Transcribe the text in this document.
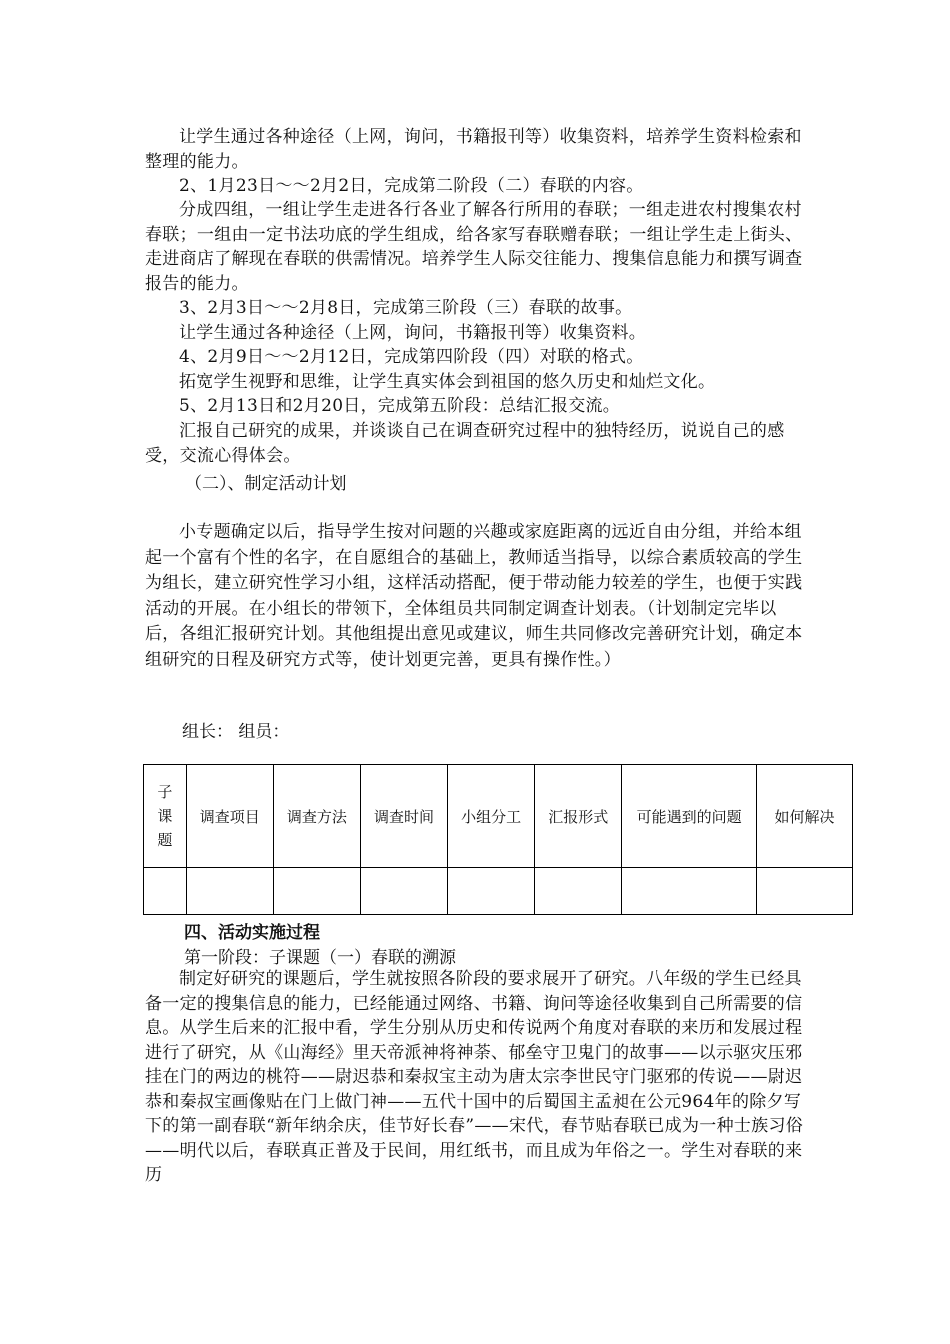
让学生通过各种途径（上网，询问，书籍报刊等）收集资料，培养学生资料检索和整理的能力。

2、1月23日～～2月2日，完成第二阶段（二）春联的内容。

分成四组，一组让学生走进各行各业了解各行所用的春联；一组走进农村搜集农村春联；一组由一定书法功底的学生组成，给各家写春联赠春联；一组让学生走上街头、走进商店了解现在春联的供需情况。培养学生人际交往能力、搜集信息能力和撰写调查报告的能力。

3、2月3日～～2月8日，完成第三阶段（三）春联的故事。

让学生通过各种途径（上网，询问，书籍报刊等）收集资料。

4、2月9日～～2月12日，完成第四阶段（四）对联的格式。

拓宽学生视野和思维，让学生真实体会到祖国的悠久历史和灿烂文化。

5、2月13日和2月20日，完成第五阶段：总结汇报交流。

汇报自己研究的成果，并谈谈自己在调查研究过程中的独特经历，说说自己的感受，交流心得体会。

（二）、制定活动计划

小专题确定以后，指导学生按对问题的兴趣或家庭距离的远近自由分组，并给本组起一个富有个性的名字，在自愿组合的基础上，教师适当指导，以综合素质较高的学生为组长，建立研究性学习小组，这样活动搭配，便于带动能力较差的学生，也便于实践活动的开展。在小组长的带领下，全体组员共同制定调查计划表。（计划制定完毕以后，各组汇报研究计划。其他组提出意见或建议，师生共同修改完善研究计划，确定本组研究的日程及研究方式等，使计划更完善，更具有操作性。）

组长： 组员：

子课题	调查项目	调查方法	调查时间	小组分工	汇报形式	可能遇到的问题	如何解决

四、活动实施过程

第一阶段：子课题（一）春联的溯源

制定好研究的课题后，学生就按照各阶段的要求展开了研究。八年级的学生已经具备一定的搜集信息的能力，已经能通过网络、书籍、询问等途径收集到自己所需要的信息。从学生后来的汇报中看，学生分别从历史和传说两个角度对春联的来历和发展过程进行了研究，从《山海经》里天帝派神将神荼、郁垒守卫鬼门的故事——以示驱灾压邪挂在门的两边的桃符——尉迟恭和秦叔宝主动为唐太宗李世民守门驱邪的传说——尉迟恭和秦叔宝画像贴在门上做门神——五代十国中的后蜀国主孟昶在公元964年的除夕写下的第一副春联“新年纳余庆，佳节好长春”——宋代，春节贴春联已成为一种士族习俗——明代以后，春联真正普及于民间，用红纸书，而且成为年俗之一。学生对春联的来历
